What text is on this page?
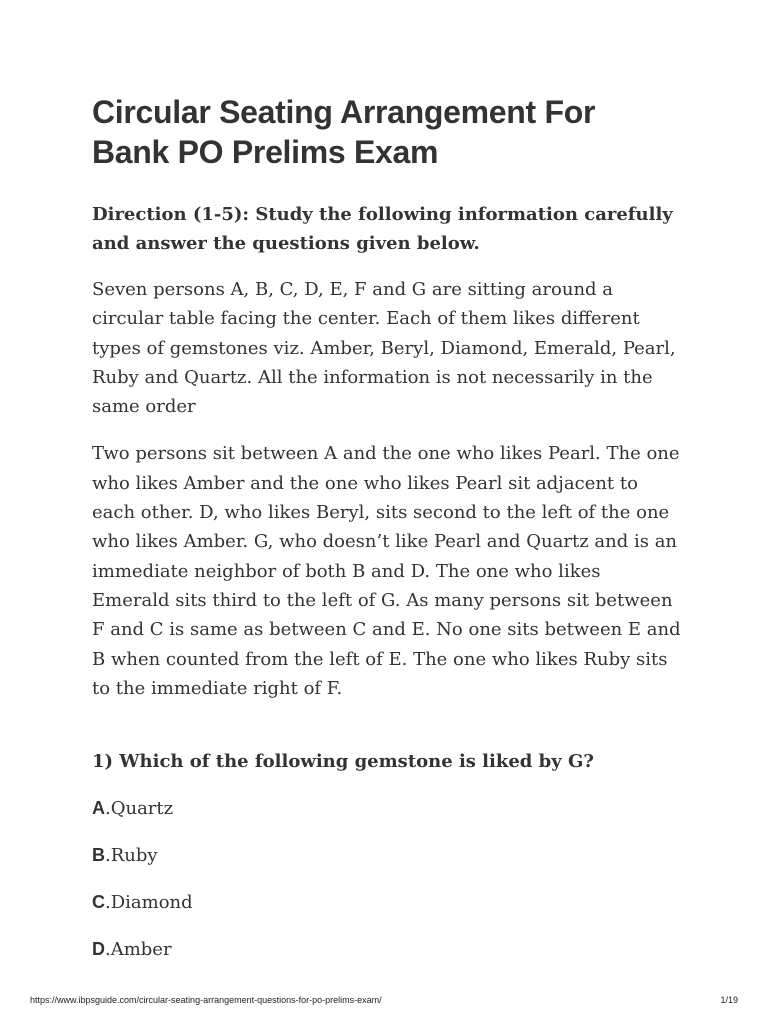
Circular Seating Arrangement For
Bank PO Prelims Exam

Direction (1-5): Study the following information carefully and answer the questions given below.

Seven persons A, B, C, D, E, F and G are sitting around a circular table facing the center. Each of them likes different types of gemstones viz. Amber, Beryl, Diamond, Emerald, Pearl, Ruby and Quartz. All the information is not necessarily in the same order

Two persons sit between A and the one who likes Pearl. The one who likes Amber and the one who likes Pearl sit adjacent to each other. D, who likes Beryl, sits second to the left of the one who likes Amber. G, who doesn’t like Pearl and Quartz and is an immediate neighbor of both B and D. The one who likes Emerald sits third to the left of G. As many persons sit between F and C is same as between C and E. No one sits between E and B when counted from the left of E. The one who likes Ruby sits to the immediate right of F.

1) Which of the following gemstone is liked by G?

A.Quartz
B.Ruby
C.Diamond
D.Amber
https://www.ibpsguide.com/circular-seating-arrangement-questions-for-po-prelims-exam/	1/19
